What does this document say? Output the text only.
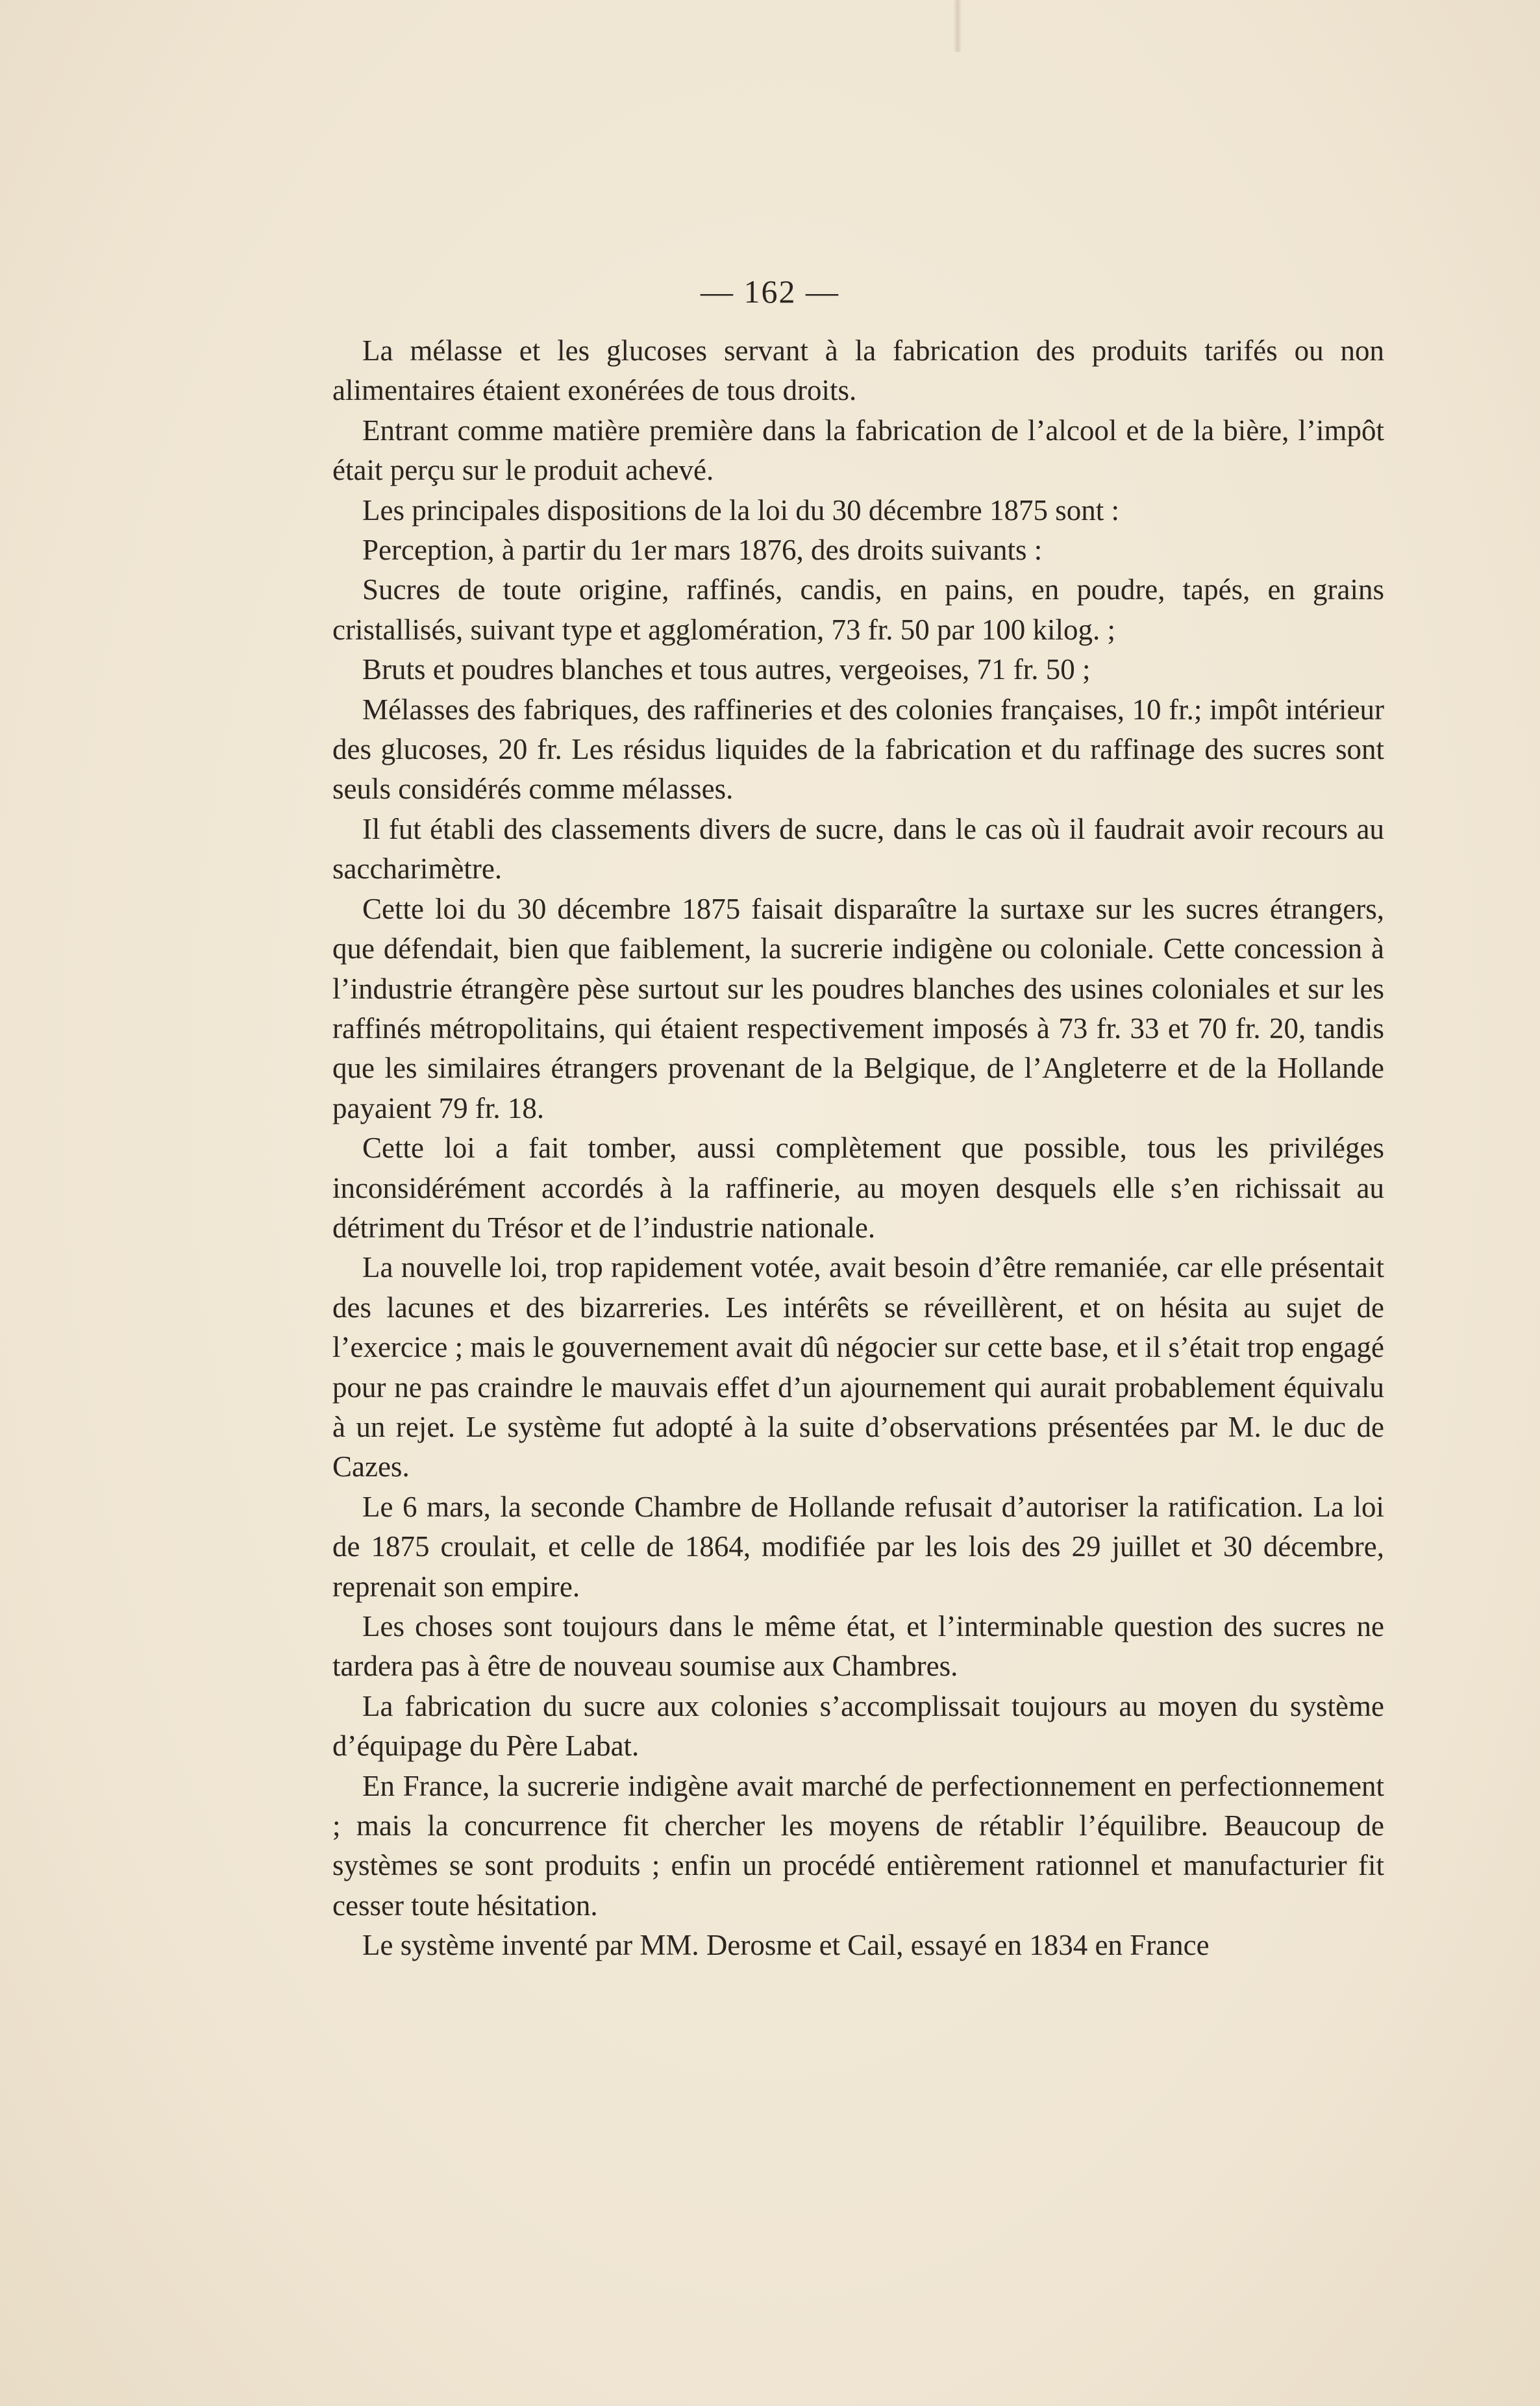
— 162 —

La mélasse et les glucoses servant à la fabrication des produits tarifés ou non alimentaires étaient exonérées de tous droits.

Entrant comme matière première dans la fabrication de l’alcool et de la bière, l’impôt était perçu sur le produit achevé.

Les principales dispositions de la loi du 30 décembre 1875 sont :

Perception, à partir du 1er mars 1876, des droits suivants :

Sucres de toute origine, raffinés, candis, en pains, en poudre, tapés, en grains cristallisés, suivant type et agglomération, 73 fr. 50 par 100 kilog. ;

Bruts et poudres blanches et tous autres, vergeoises, 71 fr. 50 ;

Mélasses des fabriques, des raffineries et des colonies françaises, 10 fr.; impôt intérieur des glucoses, 20 fr. Les résidus liquides de la fabrication et du raffinage des sucres sont seuls considérés comme mélasses.

Il fut établi des classements divers de sucre, dans le cas où il faudrait avoir recours au saccharimètre.

Cette loi du 30 décembre 1875 faisait disparaître la surtaxe sur les sucres étrangers, que défendait, bien que faiblement, la sucrerie indigène ou coloniale. Cette concession à l’industrie étrangère pèse surtout sur les poudres blanches des usines coloniales et sur les raffinés métropolitains, qui étaient respectivement imposés à 73 fr. 33 et 70 fr. 20, tandis que les similaires étrangers provenant de la Belgique, de l’Angleterre et de la Hollande payaient 79 fr. 18.

Cette loi a fait tomber, aussi complètement que possible, tous les priviléges inconsidérément accordés à la raffinerie, au moyen desquels elle s’en richissait au détriment du Trésor et de l’industrie nationale.

La nouvelle loi, trop rapidement votée, avait besoin d’être remaniée, car elle présentait des lacunes et des bizarreries. Les intérêts se réveillèrent, et on hésita au sujet de l’exercice ; mais le gouvernement avait dû négocier sur cette base, et il s’était trop engagé pour ne pas craindre le mauvais effet d’un ajournement qui aurait probablement équivalu à un rejet. Le système fut adopté à la suite d’observations présentées par M. le duc de Cazes.

Le 6 mars, la seconde Chambre de Hollande refusait d’autoriser la ratification. La loi de 1875 croulait, et celle de 1864, modifiée par les lois des 29 juillet et 30 décembre, reprenait son empire.

Les choses sont toujours dans le même état, et l’interminable question des sucres ne tardera pas à être de nouveau soumise aux Chambres.

La fabrication du sucre aux colonies s’accomplissait toujours au moyen du système d’équipage du Père Labat.

En France, la sucrerie indigène avait marché de perfectionnement en perfectionnement ; mais la concurrence fit chercher les moyens de rétablir l’équilibre. Beaucoup de systèmes se sont produits ; enfin un procédé entièrement rationnel et manufacturier fit cesser toute hésitation.

Le système inventé par MM. Derosme et Cail, essayé en 1834 en France
